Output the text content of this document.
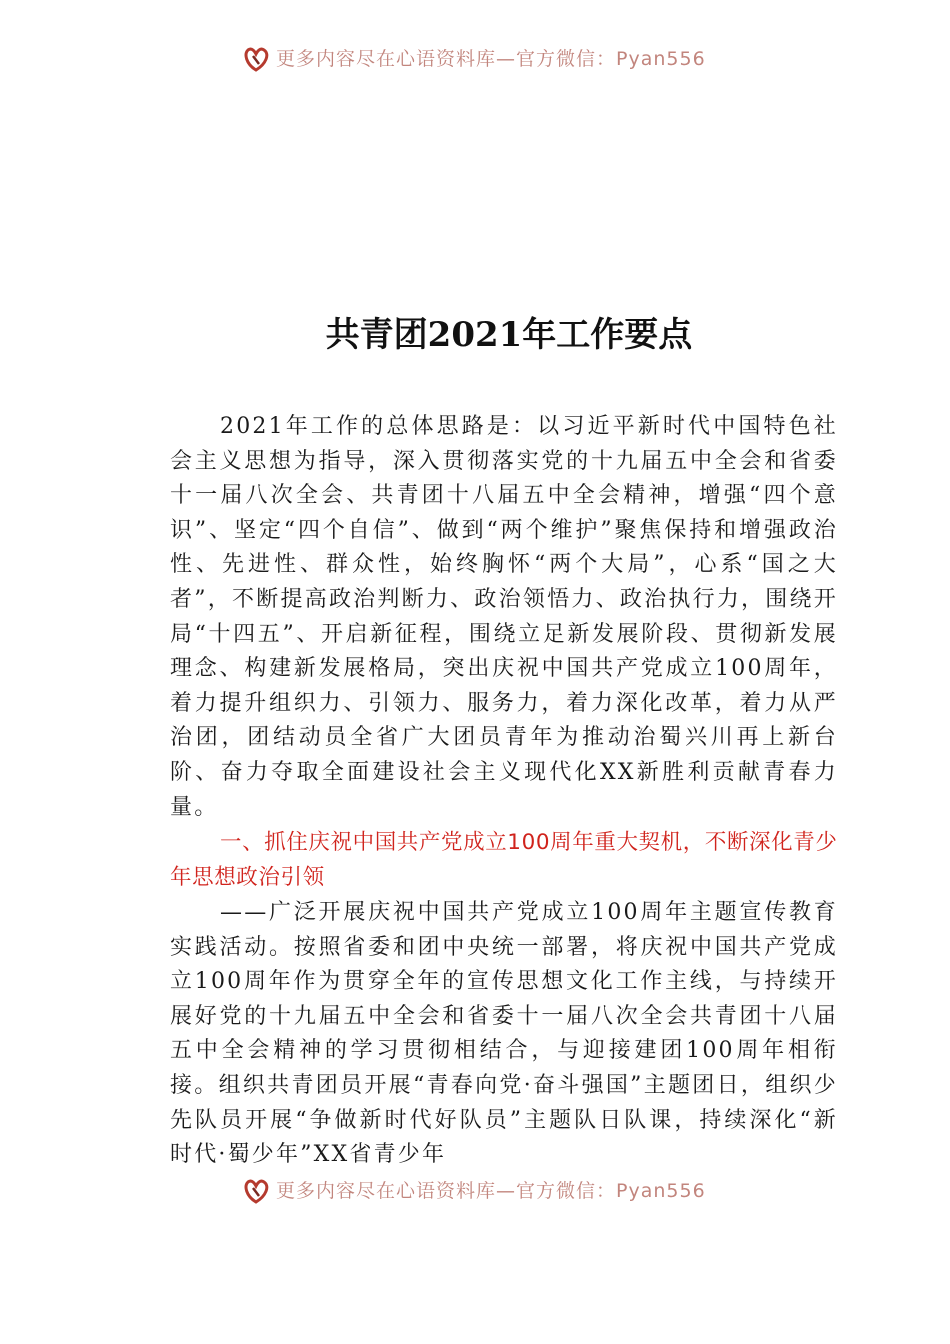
更多内容尽在心语资料库—官方微信：Pyan556
共青团2021年工作要点
2021年工作的总体思路是：以习近平新时代中国特色社会主义思想为指导，深入贯彻落实党的十九届五中全会和省委十一届八次全会、共青团十八届五中全会精神，增强“四个意识”、坚定“四个自信”、做到“两个维护”聚焦保持和增强政治性、先进性、群众性，始终胸怀“两个大局”，心系“国之大者”，不断提高政治判断力、政治领悟力、政治执行力，围绕开局“十四五”、开启新征程，围绕立足新发展阶段、贯彻新发展理念、构建新发展格局，突出庆祝中国共产党成立100周年，着力提升组织力、引领力、服务力，着力深化改革，着力从严治团，团结动员全省广大团员青年为推动治蜀兴川再上新台阶、奋力夺取全面建设社会主义现代化XX新胜利贡献青春力量。
一、抓住庆祝中国共产党成立100周年重大契机，不断深化青少年思想政治引领
——广泛开展庆祝中国共产党成立100周年主题宣传教育实践活动。按照省委和团中央统一部署，将庆祝中国共产党成立100周年作为贯穿全年的宣传思想文化工作主线，与持续开展好党的十九届五中全会和省委十一届八次全会共青团十八届五中全会精神的学习贯彻相结合，与迎接建团100周年相衔接。组织共青团员开展“青春向党·奋斗强国”主题团日，组织少先队员开展“争做新时代好队员”主题队日队课，持续深化“新时代·蜀少年”XX省青少年
更多内容尽在心语资料库—官方微信：Pyan556
